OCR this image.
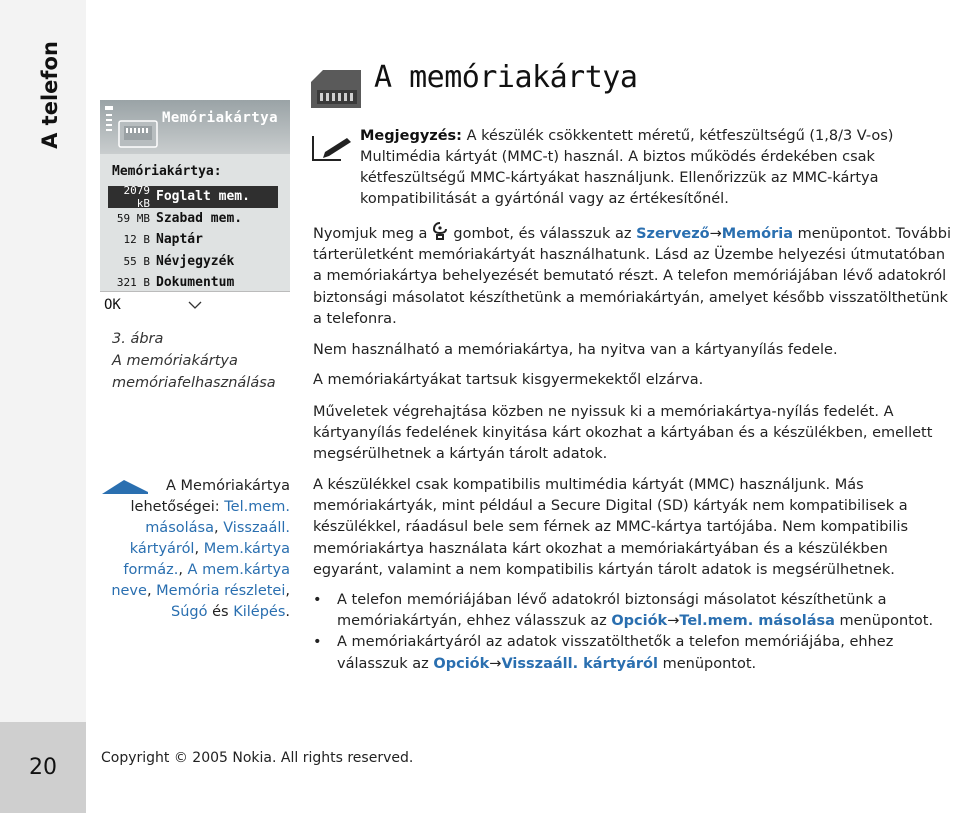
A telefon
20	Copyright © 2005 Nokia. All rights reserved.
Memóriakártya
Memóriakártya:
2079 kB Foglalt mem.
59 MB Szabad mem.
12 B Naptár
55 B Névjegyzék
321 B Dokumentum
OK
3. ábra
A memóriakártya
memóriafelhasználása
A Memóriakártya
lehetőségei: Tel.mem. másolása, Visszaáll. kártyáról, Mem.kártya formáz., A mem.kártya neve, Memória részletei, Súgó és Kilépés.
A memóriakártya
Megjegyzés: A készülék csökkentett méretű, kétfeszültségű (1,8/3 V-os) Multimédia kártyát (MMC-t) használ. A biztos működés érdekében csak kétfeszültségű MMC-kártyákat használjunk. Ellenőrizzük az MMC-kártya kompatibilitását a gyártónál vagy az értékesítőnél.
Nyomjuk meg a gombot, és válasszuk az Szervező→Memória menüpontot. További tárterületként memóriakártyát használhatunk. Lásd az Üzembe helyezési útmutatóban a memóriakártya behelyezését bemutató részt. A telefon memóriájában lévő adatokról biztonsági másolatot készíthetünk a memóriakártyán, amelyet később visszatölthetünk a telefonra.
Nem használható a memóriakártya, ha nyitva van a kártyanyílás fedele.
A memóriakártyákat tartsuk kisgyermekektől elzárva.
Műveletek végrehajtása közben ne nyissuk ki a memóriakártya-nyílás fedelét. A kártyanyílás fedelének kinyitása kárt okozhat a kártyában és a készülékben, emellett megsérülhetnek a kártyán tárolt adatok.
A készülékkel csak kompatibilis multimédia kártyát (MMC) használjunk. Más memóriakártyák, mint például a Secure Digital (SD) kártyák nem kompatibilisek a készülékkel, ráadásul bele sem férnek az MMC-kártya tartójába. Nem kompatibilis memóriakártya használata kárt okozhat a memóriakártyában és a készülékben egyaránt, valamint a nem kompatibilis kártyán tárolt adatok is megsérülhetnek.
• A telefon memóriájában lévő adatokról biztonsági másolatot készíthetünk a memóriakártyán, ehhez válasszuk az Opciók→Tel.mem. másolása menüpontot.
• A memóriakártyáról az adatok visszatölthetők a telefon memóriájába, ehhez válasszuk az Opciók→Visszaáll. kártyáról menüpontot.
